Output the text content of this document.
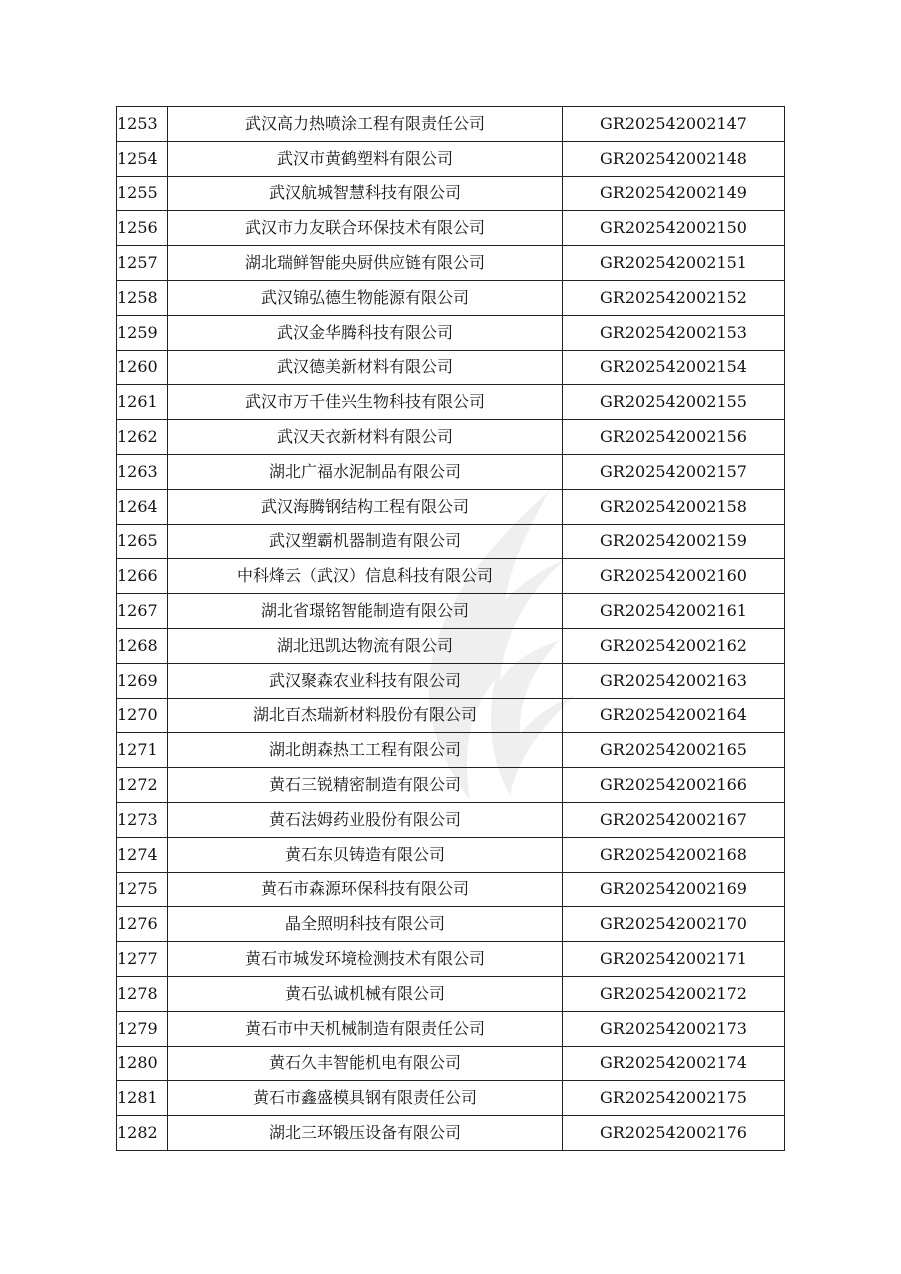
1253	武汉高力热喷涂工程有限责任公司	GR202542002147
1254	武汉市黄鹤塑料有限公司	GR202542002148
1255	武汉航城智慧科技有限公司	GR202542002149
1256	武汉市力友联合环保技术有限公司	GR202542002150
1257	湖北瑞鲜智能央厨供应链有限公司	GR202542002151
1258	武汉锦弘德生物能源有限公司	GR202542002152
1259	武汉金华腾科技有限公司	GR202542002153
1260	武汉德美新材料有限公司	GR202542002154
1261	武汉市万千佳兴生物科技有限公司	GR202542002155
1262	武汉天衣新材料有限公司	GR202542002156
1263	湖北广福水泥制品有限公司	GR202542002157
1264	武汉海腾钢结构工程有限公司	GR202542002158
1265	武汉塑霸机器制造有限公司	GR202542002159
1266	中科烽云（武汉）信息科技有限公司	GR202542002160
1267	湖北省璟铭智能制造有限公司	GR202542002161
1268	湖北迅凯达物流有限公司	GR202542002162
1269	武汉聚森农业科技有限公司	GR202542002163
1270	湖北百杰瑞新材料股份有限公司	GR202542002164
1271	湖北朗森热工工程有限公司	GR202542002165
1272	黄石三锐精密制造有限公司	GR202542002166
1273	黄石法姆药业股份有限公司	GR202542002167
1274	黄石东贝铸造有限公司	GR202542002168
1275	黄石市森源环保科技有限公司	GR202542002169
1276	晶全照明科技有限公司	GR202542002170
1277	黄石市城发环境检测技术有限公司	GR202542002171
1278	黄石弘诚机械有限公司	GR202542002172
1279	黄石市中天机械制造有限责任公司	GR202542002173
1280	黄石久丰智能机电有限公司	GR202542002174
1281	黄石市鑫盛模具钢有限责任公司	GR202542002175
1282	湖北三环锻压设备有限公司	GR202542002176
